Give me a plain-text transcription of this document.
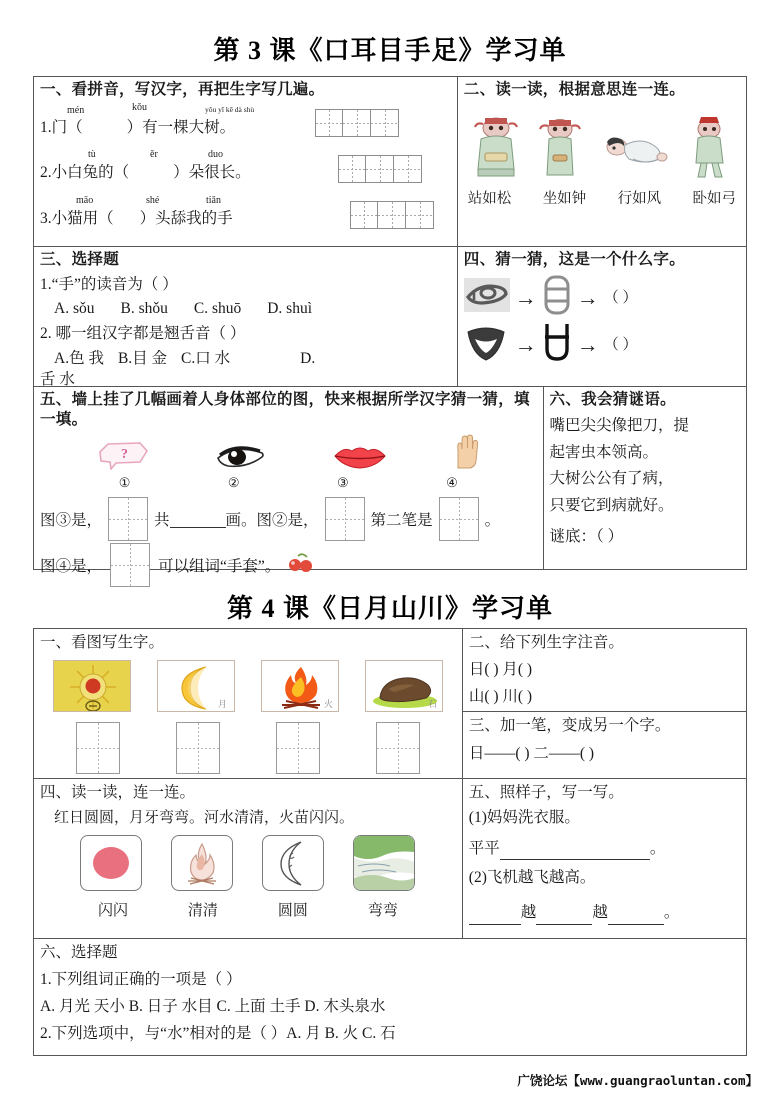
第 3 课《口耳目手足》学习单
一、看拼音，写汉字，再把生字写几遍。
mén	kǒu	yǒu yī kē dà shù
1.门（	）有一棵大树。
tù	ěr	duo
2.小白兔的（	）朵很长。
māo	shé	tiǎn
3.小猫用（ ）头舔我的手
二、读一读，根据意思连一连。
站如松 坐如钟 行如风 卧如弓
三、选择题
1.“手”的读音为（ ）
A. sǒu B. shǒu C. shuō D. shuì
2. 哪一组汉字都是翘舌音（ ）
A.色 我 B.目 金 C.口 水	D.
舌 水
四、猜一猜，这是一个什么字。
→ → （ ）
→ → （ ）
五、墙上挂了几幅画着人身体部位的图，快来根据所学汉字猜一猜，填一填。
?
①	②	③	④
图③是，	共	画。图②是，	第二笔是	。
图④是，	可以组词“手套”。
六、我会猜谜语。
嘴巴尖尖像把刀，提
起害虫本领高。
大树公公有了病，
只要它到病就好。
谜底：（ ）
第 4 课《日月山川》学习单
一、看图写生字。
月	火	石
二、给下列生字注音。
日( ) 月( )
山( ) 川( )
三、加一笔，变成另一个字。
日——( ) 二——( )
四、读一读，连一连。
红日圆圆，月牙弯弯。河水清清，火苗闪闪。
闪闪	清清	圆圆	弯弯
五、照样子，写一写。
(1)妈妈洗衣服。
平平	。
(2)飞机越飞越高。
越	越	。
六、选择题
1.下列组词正确的一项是（ ）
A. 月光 天小 B. 日子 水目 C. 上面 土手 D. 木头泉水
2.下列选项中，与“水”相对的是（ ）A. 月 B. 火 C. 石
广饶论坛【www.guangraoluntan.com】
